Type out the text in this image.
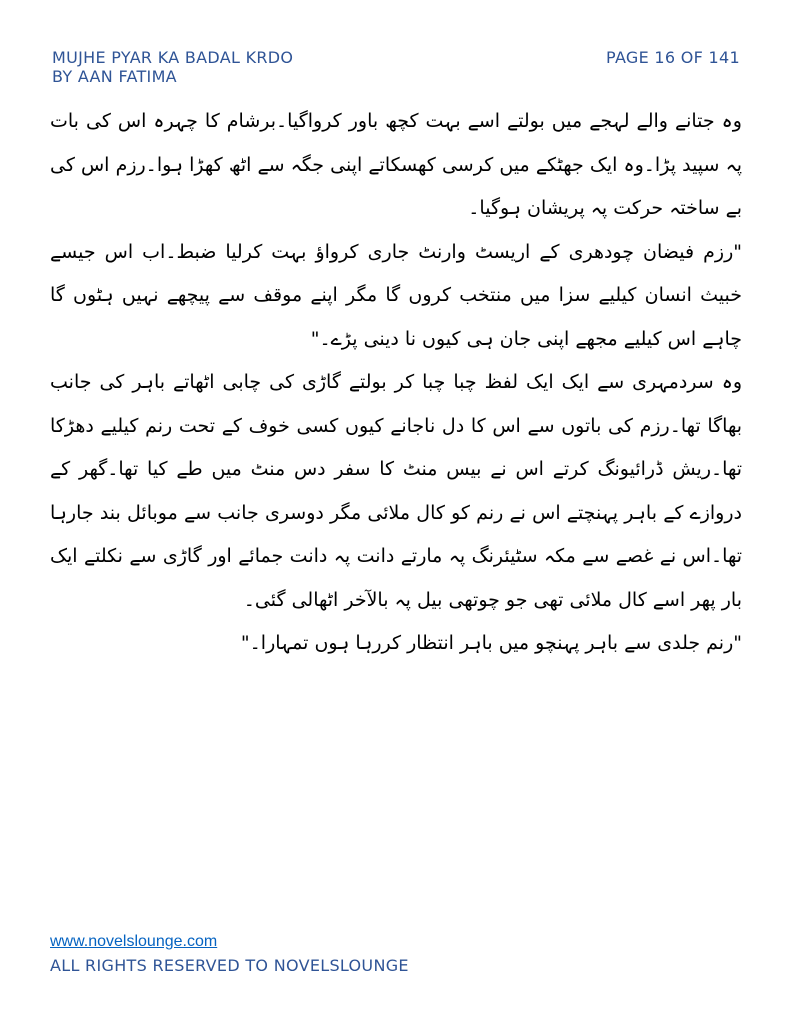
MUJHE PYAR KA BADAL KRDO
BY AAN FATIMA
PAGE 16 OF 141

وہ جتانے والے لہجے میں بولتے اسے بہت کچھ باور کرواگیا۔برشام کا چہرہ اس کی بات پہ سپید پڑا۔وہ ایک جھٹکے میں کرسی کھسکاتے اپنی جگہ سے اٹھ کھڑا ہوا۔رزم اس کی بے ساختہ حرکت پہ پریشان ہوگیا۔

"رزم فیضان چودھری کے اریسٹ وارنٹ جاری کرواؤ بہت کرلیا ضبط۔اب اس جیسے خبیث انسان کیلیے سزا میں منتخب کروں گا مگر اپنے موقف سے پیچھے نہیں ہٹوں گا چاہے اس کیلیے مجھے اپنی جان ہی کیوں نا دینی پڑے۔"

وہ سردمہری سے ایک ایک لفظ چبا چبا کر بولتے گاڑی کی چابی اٹھاتے باہر کی جانب بھاگا تھا۔رزم کی باتوں سے اس کا دل ناجانے کیوں کسی خوف کے تحت رنم کیلیے دھڑکا تھا۔ریش ڈرائیونگ کرتے اس نے بیس منٹ کا سفر دس منٹ میں طے کیا تھا۔گھر کے دروازے کے باہر پہنچتے اس نے رنم کو کال ملائی مگر دوسری جانب سے موبائل بند جارہا تھا۔اس نے غصے سے مکہ سٹیئرنگ پہ مارتے دانت پہ دانت جمائے اور گاڑی سے نکلتے ایک بار پھر اسے کال ملائی تھی جو چوتھی بیل پہ بالآخر اٹھالی گئی۔

"رنم جلدی سے باہر پہنچو میں باہر انتظار کررہا ہوں تمہارا۔"

www.novelslounge.com
ALL RIGHTS RESERVED TO NOVELSLOUNGE
